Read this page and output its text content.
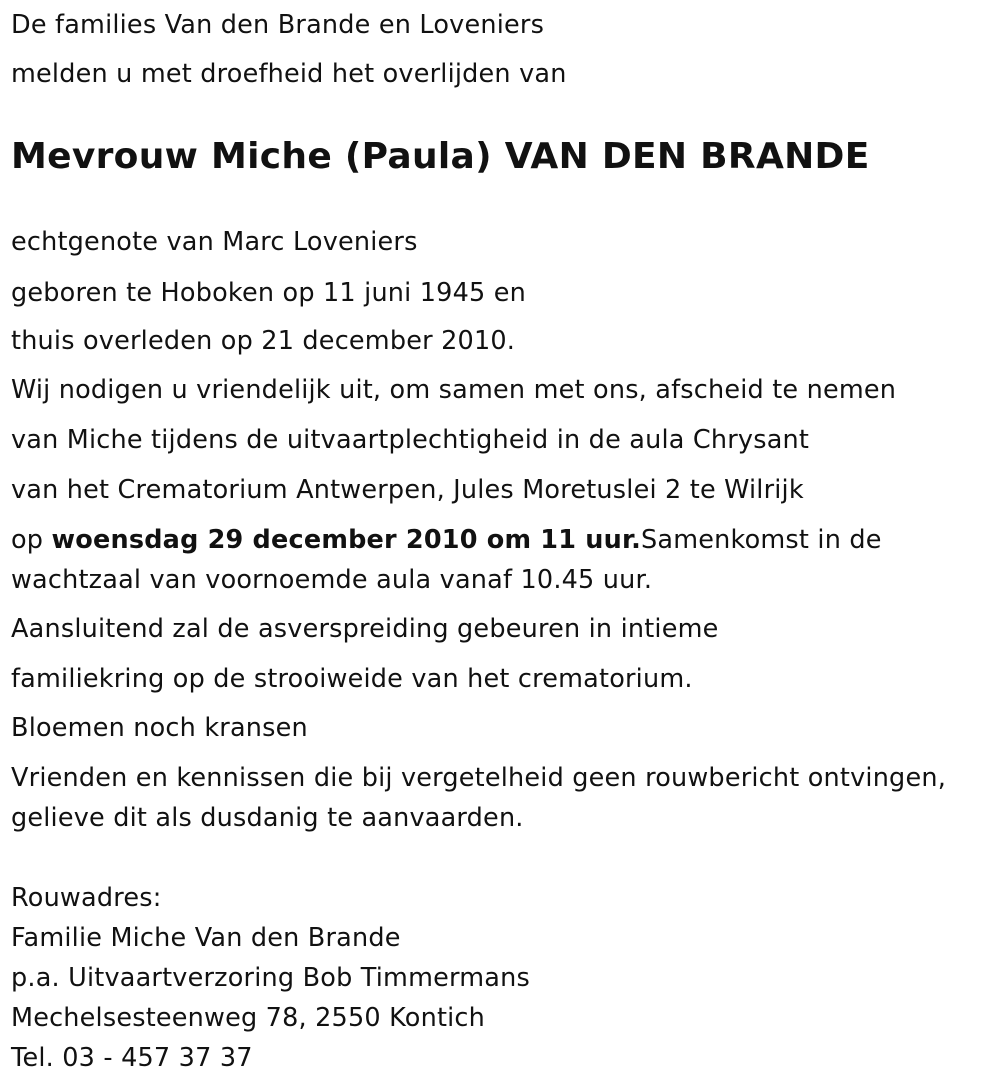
De families Van den Brande en Loveniers
melden u met droefheid het overlijden van
Mevrouw Miche (Paula) VAN DEN BRANDE
echtgenote van Marc Loveniers
geboren te Hoboken op 11 juni 1945 en
thuis overleden op 21 december 2010.
Wij nodigen u vriendelijk uit, om samen met ons, afscheid te nemen
van Miche tijdens de uitvaartplechtigheid in de aula Chrysant
van het Crematorium Antwerpen, Jules Moretuslei 2 te Wilrijk
op woensdag 29 december 2010 om 11 uur.Samenkomst in de
wachtzaal van voornoemde aula vanaf 10.45 uur.
Aansluitend zal de asverspreiding gebeuren in intieme
familiekring op de strooiweide van het crematorium.
Bloemen noch kransen
Vrienden en kennissen die bij vergetelheid geen rouwbericht ontvingen,
gelieve dit als dusdanig te aanvaarden.
Rouwadres:
Familie Miche Van den Brande
p.a. Uitvaartverzoring Bob Timmermans
Mechelsesteenweg 78, 2550 Kontich
Tel. 03 - 457 37 37
